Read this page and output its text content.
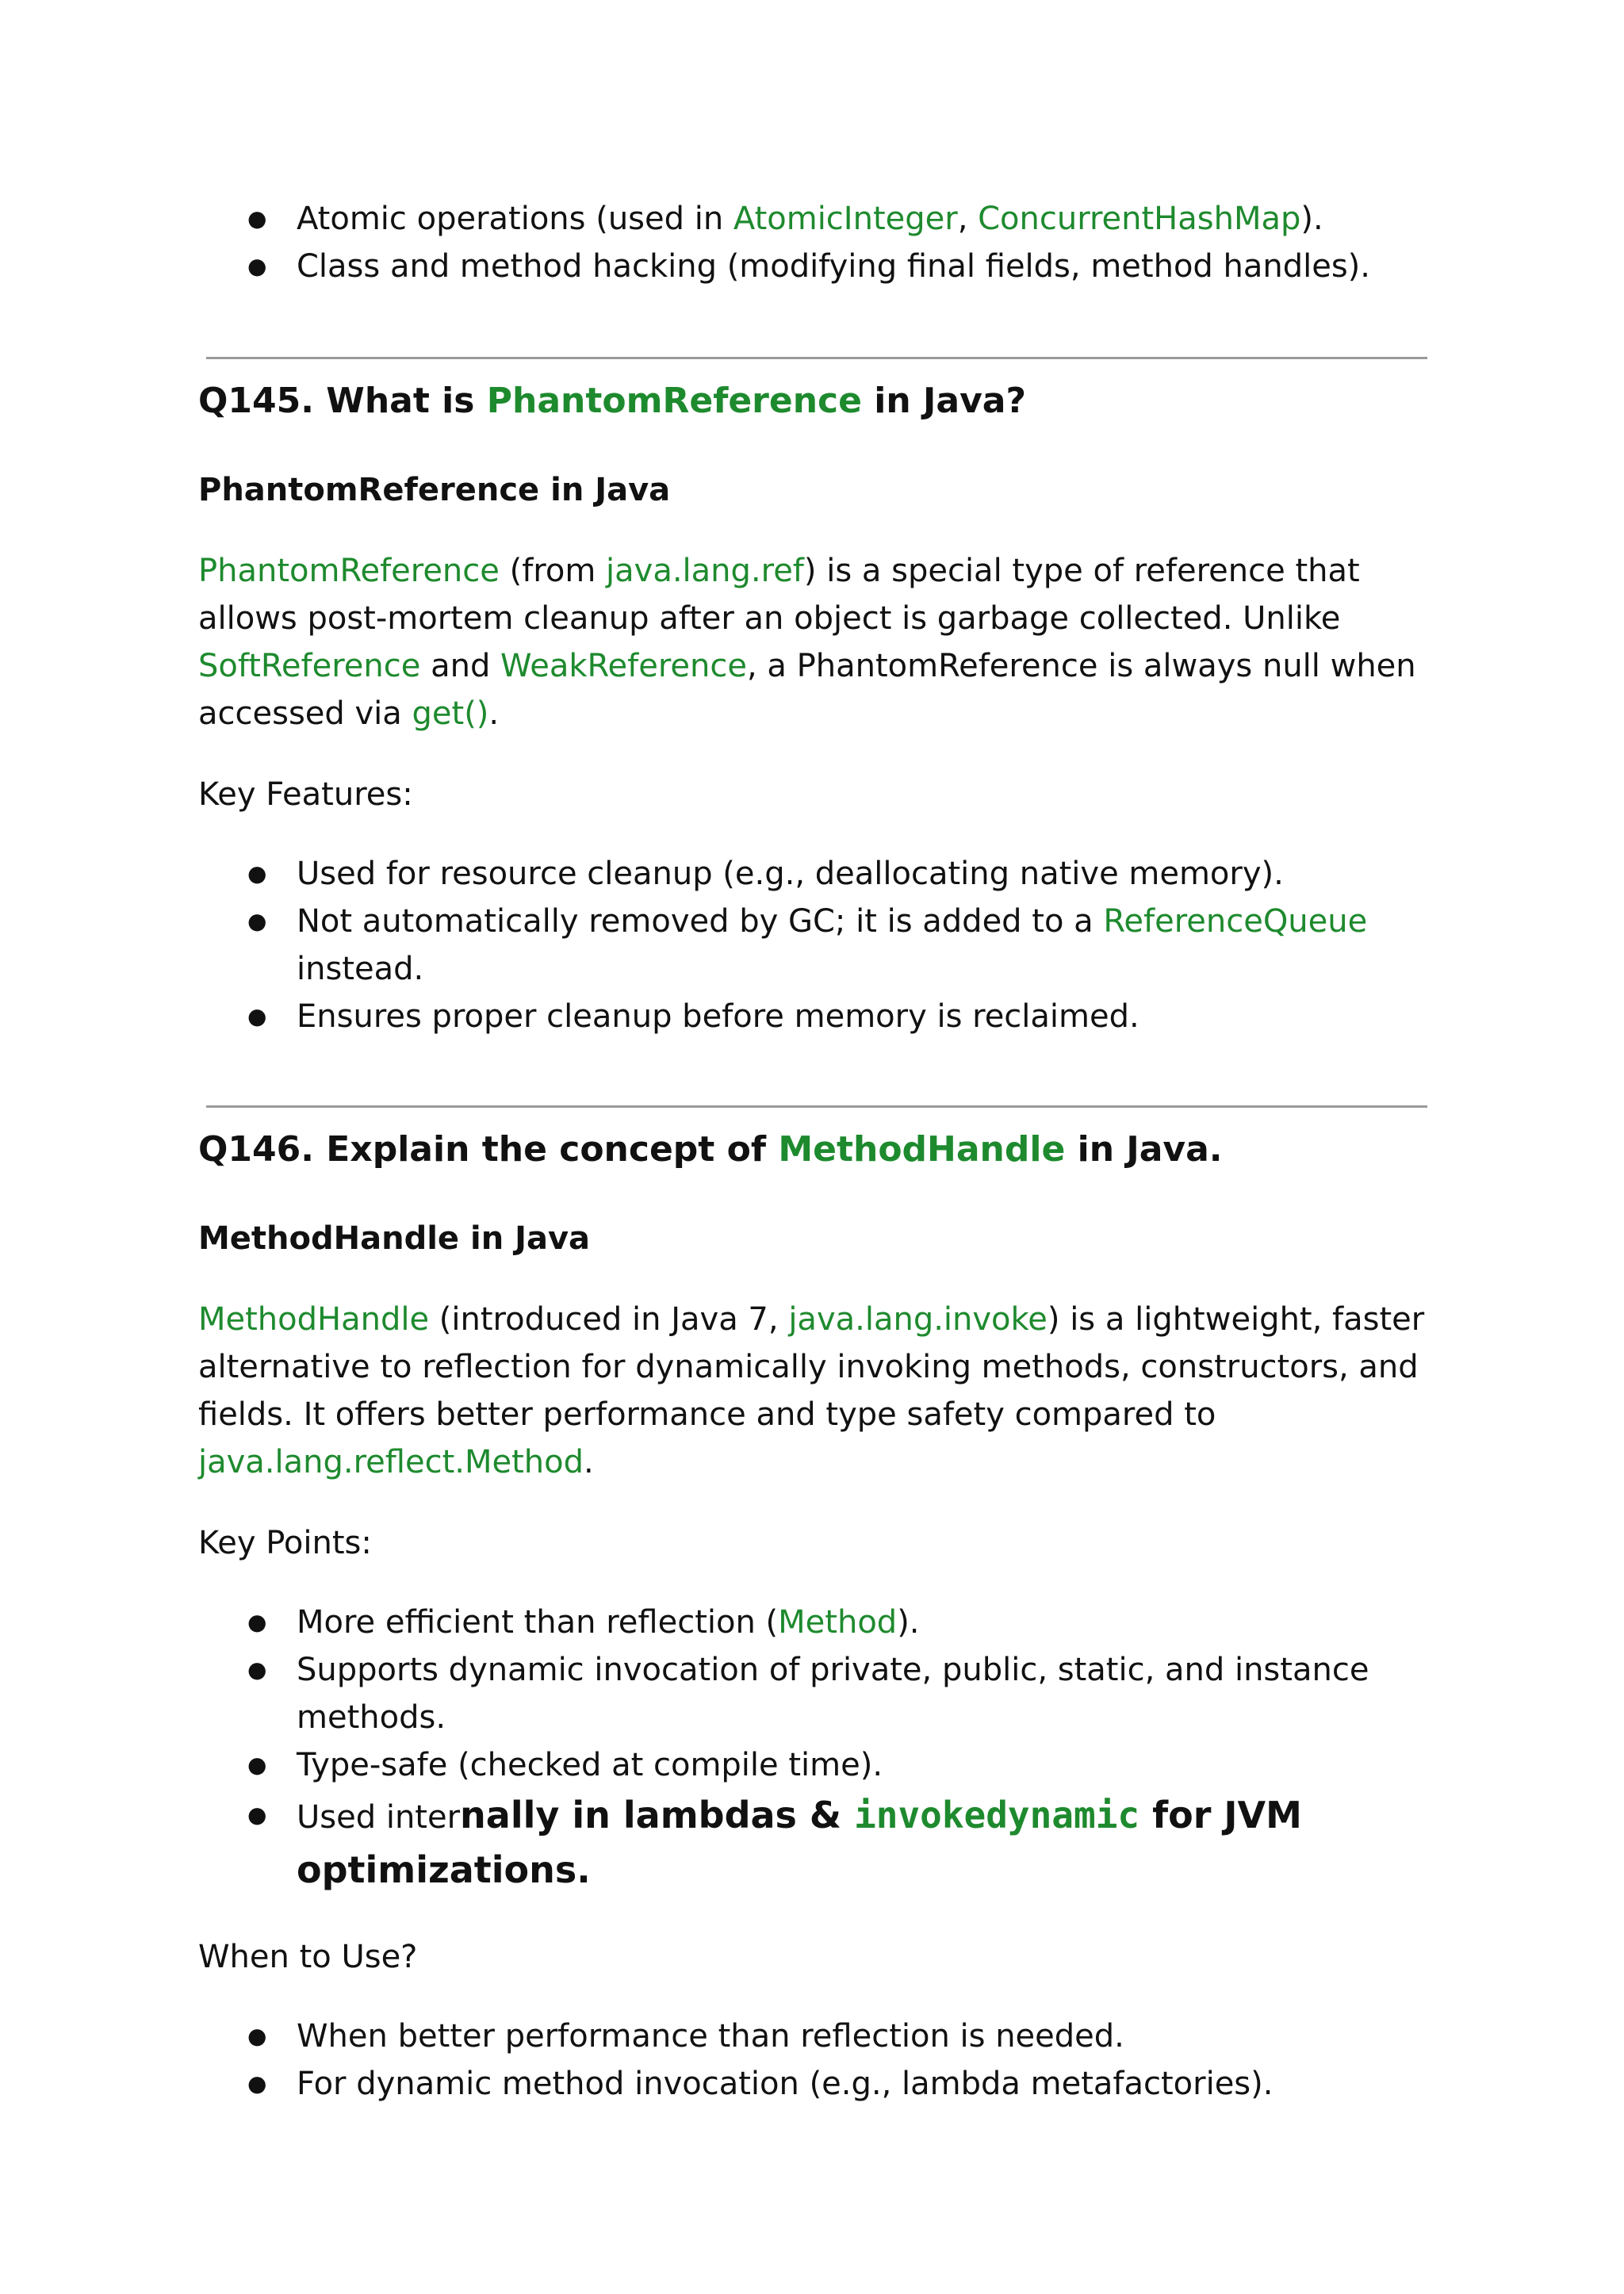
● Atomic operations (used in AtomicInteger, ConcurrentHashMap).
● Class and method hacking (modifying final fields, method handles).
Q145. What is PhantomReference in Java?
PhantomReference in Java
PhantomReference (from java.lang.ref) is a special type of reference that allows post-mortem cleanup after an object is garbage collected. Unlike SoftReference and WeakReference, a PhantomReference is always null when accessed via get().
Key Features:
● Used for resource cleanup (e.g., deallocating native memory).
● Not automatically removed by GC; it is added to a ReferenceQueue instead.
● Ensures proper cleanup before memory is reclaimed.
Q146. Explain the concept of MethodHandle in Java.
MethodHandle in Java
MethodHandle (introduced in Java 7, java.lang.invoke) is a lightweight, faster alternative to reflection for dynamically invoking methods, constructors, and fields. It offers better performance and type safety compared to java.lang.reflect.Method.
Key Points:
● More efficient than reflection (Method).
● Supports dynamic invocation of private, public, static, and instance methods.
● Type-safe (checked at compile time).
● Used internally in lambdas & invokedynamic for JVM optimizations.
When to Use?
● When better performance than reflection is needed.
● For dynamic method invocation (e.g., lambda metafactories).
